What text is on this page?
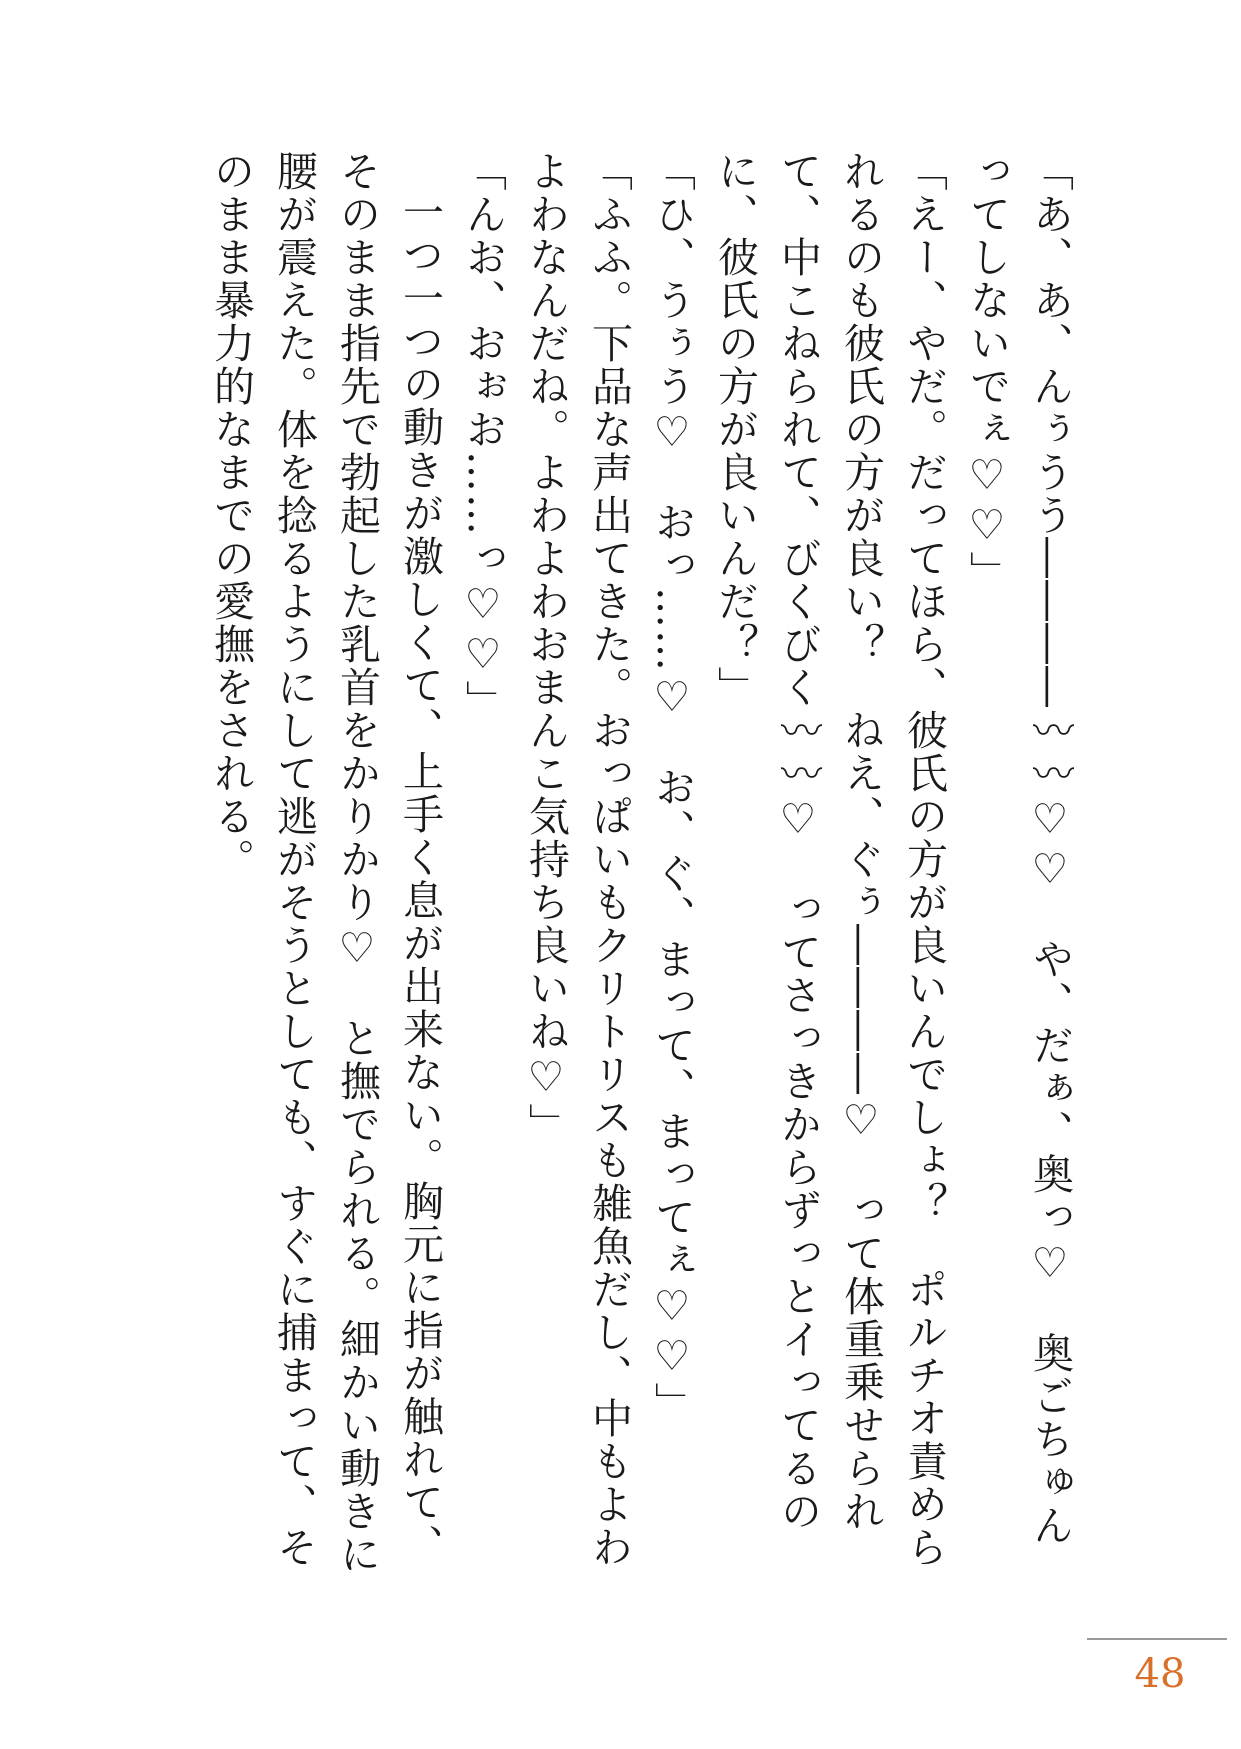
「あ、あ、んぅうう――――〰〰♡♡　や、だぁ、奥っ♡　奥ごちゅんってしないでぇ♡♡」

「えー、やだ。だってほら、彼氏の方が良いんでしょ？　ポルチオ責められるのも彼氏の方が良い？　ねえ、ぐぅ――――♡　って体重乗せられて、中こねられて、びくびく〰〰♡　ってさっきからずっとイってるのに、彼氏の方が良いんだ？」

「ひ、うぅう♡　おっ……♡　お、ぐ、まって、まってぇ♡♡」

「ふふ。下品な声出てきた。おっぱいもクリトリスも雑魚だし、中もよわよわなんだね。よわよわおまんこ気持ち良いね♡」

「んお、おぉお……っ♡♡」

一つ一つの動きが激しくて、上手く息が出来ない。胸元に指が触れて、そのまま指先で勃起した乳首をかりかり♡　と撫でられる。細かい動きに腰が震えた。体を捻るようにして逃がそうとしても、すぐに捕まって、そのまま暴力的なまでの愛撫をされる。

48
